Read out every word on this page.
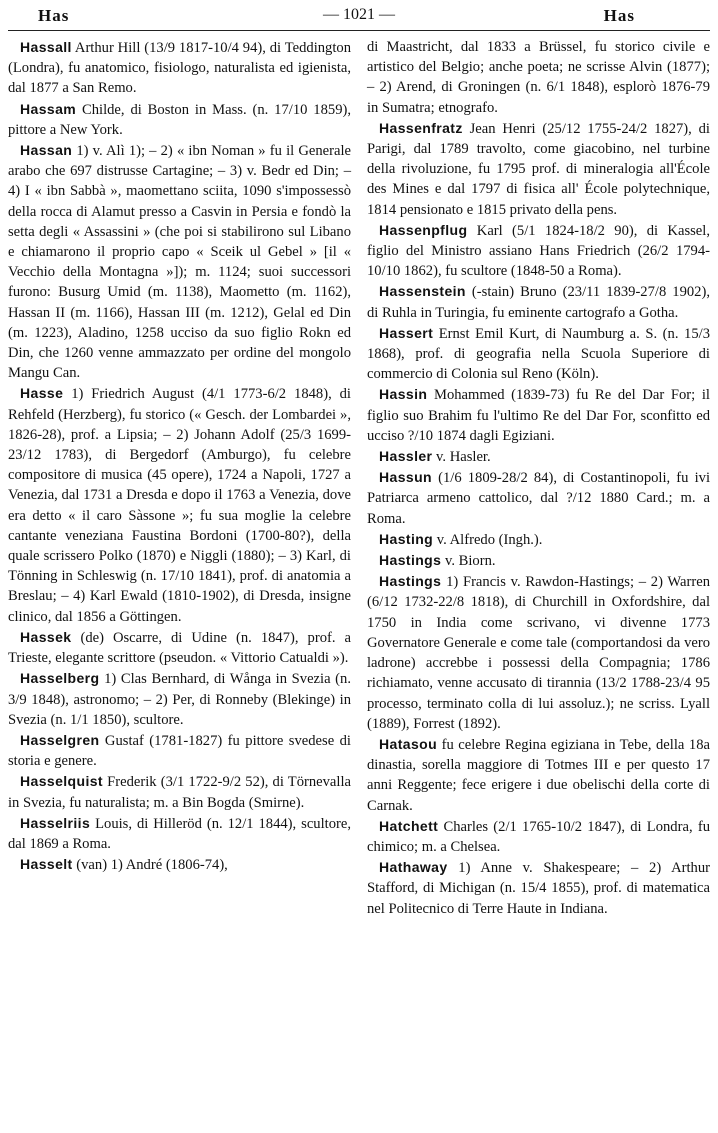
Has	— 1021 —	Has

Hassall Arthur Hill (13/9 1817-10/4 94), di Teddington (Londra), fu anatomico, fisiologo, naturalista ed igienista, dal 1877 a San Remo.

Hassam Childe, di Boston in Mass. (n. 17/10 1859), pittore a New York.

Hassan 1) v. Alì 1); – 2) « ibn Noman » fu il Generale arabo che 697 distrusse Cartagine; – 3) v. Bedr ed Din; – 4) I « ibn Sabbà », maomettano sciita, 1090 s'impossessò della rocca di Alamut presso a Casvin in Persia e fondò la setta degli « Assassini » (che poi si stabilirono sul Libano e chiamarono il proprio capo « Sceik ul Gebel » [il « Vecchio della Montagna »]); m. 1124; suoi successori furono: Busurg Umid (m. 1138), Maometto (m. 1162), Hassan II (m. 1166), Hassan III (m. 1212), Gelal ed Din (m. 1223), Aladino, 1258 ucciso da suo figlio Rokn ed Din, che 1260 venne ammazzato per ordine del mongolo Mangu Can.

Hasse 1) Friedrich August (4/1 1773-6/2 1848), di Rehfeld (Herzberg), fu storico (« Gesch. der Lombardei », 1826-28), prof. a Lipsia; – 2) Johann Adolf (25/3 1699-23/12 1783), di Bergedorf (Amburgo), fu celebre compositore di musica (45 opere), 1724 a Napoli, 1727 a Venezia, dal 1731 a Dresda e dopo il 1763 a Venezia, dove era detto « il caro Sàssone »; fu sua moglie la celebre cantante veneziana Faustina Bordoni (1700-80?), della quale scrissero Polko (1870) e Niggli (1880); – 3) Karl, di Tönning in Schleswig (n. 17/10 1841), prof. di anatomia a Breslau; – 4) Karl Ewald (1810-1902), di Dresda, insigne clinico, dal 1856 a Göttingen.

Hassek (de) Oscarre, di Udine (n. 1847), prof. a Trieste, elegante scrittore (pseudon. « Vittorio Catualdi »).

Hasselberg 1) Clas Bernhard, di Wånga in Svezia (n. 3/9 1848), astronomo; – 2) Per, di Ronneby (Blekinge) in Svezia (n. 1/1 1850), scultore.

Hasselgren Gustaf (1781-1827) fu pittore svedese di storia e genere.

Hasselquist Frederik (3/1 1722-9/2 52), di Törnevalla in Svezia, fu naturalista; m. a Bin Bogda (Smirne).

Hasselriis Louis, di Hilleröd (n. 12/1 1844), scultore, dal 1869 a Roma.

Hasselt (van) 1) André (1806-74),

di Maastricht, dal 1833 a Brüssel, fu storico civile e artistico del Belgio; anche poeta; ne scrisse Alvin (1877); – 2) Arend, di Groningen (n. 6/1 1848), esplorò 1876-79 in Sumatra; etnografo.

Hassenfratz Jean Henri (25/12 1755-24/2 1827), di Parigi, dal 1789 travolto, come giacobino, nel turbine della rivoluzione, fu 1795 prof. di mineralogia all'École des Mines e dal 1797 di fisica all' École polytechnique, 1814 pensionato e 1815 privato della pens.

Hassenpflug Karl (5/1 1824-18/2 90), di Kassel, figlio del Ministro assiano Hans Friedrich (26/2 1794-10/10 1862), fu scultore (1848-50 a Roma).

Hassenstein (-stain) Bruno (23/11 1839-27/8 1902), di Ruhla in Turingia, fu eminente cartografo a Gotha.

Hassert Ernst Emil Kurt, di Naumburg a. S. (n. 15/3 1868), prof. di geografia nella Scuola Superiore di commercio di Colonia sul Reno (Köln).

Hassin Mohammed (1839-73) fu Re del Dar For; il figlio suo Brahim fu l'ultimo Re del Dar For, sconfitto ed ucciso ?/10 1874 dagli Egiziani.

Hassler v. Hasler.

Hassun (1/6 1809-28/2 84), di Costantinopoli, fu ivi Patriarca armeno cattolico, dal ?/12 1880 Card.; m. a Roma.

Hasting v. Alfredo (Ingh.).

Hastings v. Biorn.

Hastings 1) Francis v. Rawdon-Hastings; – 2) Warren (6/12 1732-22/8 1818), di Churchill in Oxfordshire, dal 1750 in India come scrivano, vi divenne 1773 Governatore Generale e come tale (comportandosi da vero ladrone) accrebbe i possessi della Compagnia; 1786 richiamato, venne accusato di tirannia (13/2 1788-23/4 95 processo, terminato colla di lui assoluz.); ne scriss. Lyall (1889), Forrest (1892).

Hatasou fu celebre Regina egiziana in Tebe, della 18a dinastia, sorella maggiore di Totmes III e per questo 17 anni Reggente; fece erigere i due obelischi della corte di Carnak.

Hatchett Charles (2/1 1765-10/2 1847), di Londra, fu chimico; m. a Chelsea.

Hathaway 1) Anne v. Shakespeare; – 2) Arthur Stafford, di Michigan (n. 15/4 1855), prof. di matematica nel Politecnico di Terre Haute in Indiana.
